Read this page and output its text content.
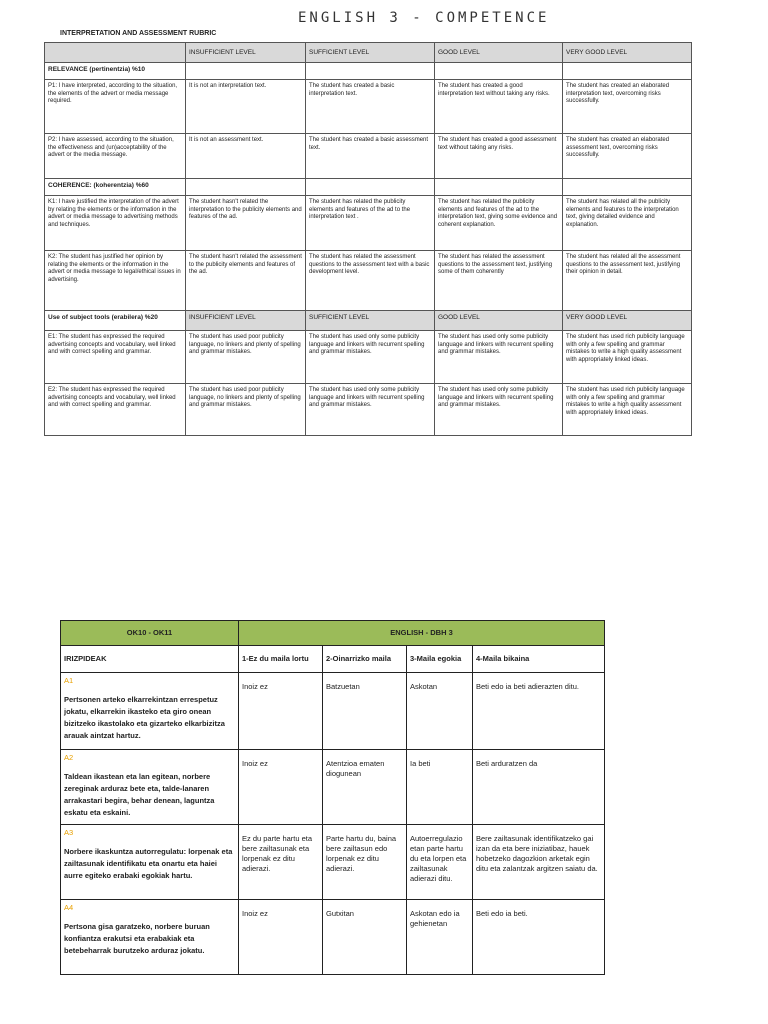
ENGLISH 3 - COMPETENCE
INTERPRETATION AND ASSESSMENT RUBRIC
	INSUFFICIENT LEVEL	SUFFICIENT LEVEL	GOOD LEVEL	VERY GOOD LEVEL
RELEVANCE (pertinentzia) %10				
P1: I have interpreted, according to the situation, the elements of the advert or media message required.	It is not an interpretation text.	The student has created a basic interpretation text.	The student has created a good interpretation text without taking any risks.	The student has created an elaborated interpretation text, overcoming risks successfully.
P2: I have assessed, according to the situation, the effectiveness and (un)acceptability of the advert or the media message.	It is not an assessment text.	The student has created a basic assessment text.	The student has created a good assessment text without taking any risks.	The student has created an elaborated assessment text, overcoming risks successfully.
COHERENCE: (koherentzia) %60				
K1: I have justified the interpretation of the advert by relating the elements or the information in the advert or media message to advertising methods and techniques.	The student hasn't related the interpretation to the publicity elements and features of the ad.	The student has related the publicity elements and features of the ad to the interpretation text .	The student has related the publicity elements and features of the ad to the interpretation text, giving some evidence and coherent explanation.	The student has related all the publicity elements and features to the interpretation text, giving detailed evidence and explanation.
K2: The student has justified her opinion by relating the elements or the information in the advert or media message to legal/ethical issues in advertising.	The student hasn't related the assessment to the publicity elements and features of the ad.	The student has related the assessment questions to the assessment text with a basic development level.	The student has related the assessment questions to the assessment text, justifying some of them coherently	The student has related all the assessment questions to the assessment text, justifying their opinion in detail.
Use of subject tools (erabilera) %20	INSUFFICIENT LEVEL	SUFFICIENT LEVEL	GOOD LEVEL	VERY GOOD LEVEL
E1: The student has expressed the required advertising concepts and vocabulary, well linked and with correct spelling and grammar.	The student has used poor publicity language, no linkers and plenty of spelling and grammar mistakes.	The student has used only some publicity language and linkers with recurrent spelling and grammar mistakes.	The student has used only some publicity language and linkers with recurrent spelling and grammar mistakes.	The student has used rich publicity language with only a few spelling and grammar mistakes to write a high quality assessment with appropriately linked ideas.
E2: The student has expressed the required advertising concepts and vocabulary, well linked and with correct spelling and grammar.	The student has used poor publicity language, no linkers and plenty of spelling and grammar mistakes.	The student has used only some publicity language and linkers with recurrent spelling and grammar mistakes.	The student has used only some publicity language and linkers with recurrent spelling and grammar mistakes.	The student has used rich publicity language with only a few spelling and grammar mistakes to write a high quality assessment with appropriately linked ideas.
OK10 - OK11	ENGLISH - DBH 3			
IRIZPIDEAK	1-Ez du maila lortu	2-Oinarrizko maila	3-Maila egokia	4-Maila bikaina

A1
Pertsonen arteko elkarrekintzan errespetuz jokatu, elkarrekin ikasteko eta giro onean bizitzeko ikastolako eta gizarteko elkarbizitza arauak aintzat hartuz.	Inoiz ez	Batzuetan	Askotan	Beti edo ia beti adierazten ditu.

A2
Taldean ikastean eta lan egitean, norbere zereginak arduraz bete eta, talde-lanaren arrakastari begira, behar denean, laguntza eskatu eta eskaini.	Inoiz ez	Atentzioa ematen diogunean	Ia beti	Beti arduratzen da

A3
Norbere ikaskuntza autorregulatu: lorpenak eta zailtasunak identifikatu eta onartu eta haiei aurre egiteko erabaki egokiak hartu.	Ez du parte hartu eta bere zailtasunak eta lorpenak ez ditu adierazi.	Parte hartu du, baina bere zailtasun edo lorpenak ez ditu adierazi.	Autoerregulazio etan parte hartu du eta lorpen eta zailtasunak adierazi ditu.	Bere zailtasunak identifikatzeko gai izan da eta bere iniziatibaz, hauek hobetzeko dagozkion arketak egin ditu eta zalantzak argitzen saiatu da.

A4
Pertsona gisa garatzeko, norbere buruan konfiantza erakutsi eta erabakiak eta betebeharrak burutzeko arduraz jokatu.	Inoiz ez	Gutxitan	Askotan edo ia gehienetan	Beti edo ia beti.
